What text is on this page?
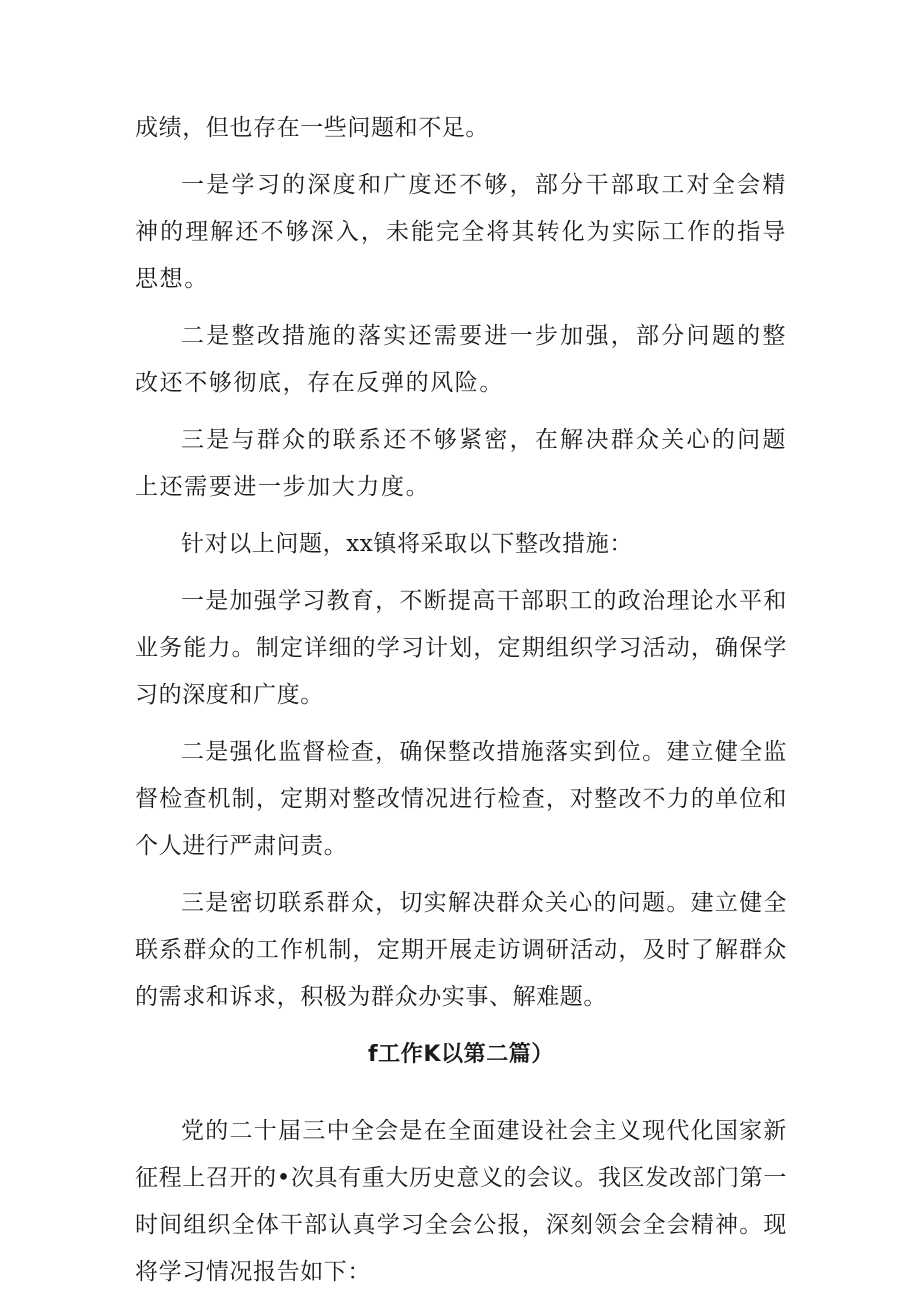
成绩，但也存在一些问题和不足。

一是学习的深度和广度还不够，部分干部取工对全会精神的理解还不够深入，未能完全将其转化为实际工作的指导思想。

二是整改措施的落实还需要进一步加强，部分问题的整改还不够彻底，存在反弹的风险。

三是与群众的联系还不够紧密，在解决群众关心的问题上还需要进一步加大力度。

针对以上问题，xx镇将采取以下整改措施：

一是加强学习教育，不断提高干部职工的政治理论水平和业务能力。制定详细的学习计划，定期组织学习活动，确保学习的深度和广度。

二是强化监督检查，确保整改措施落实到位。建立健全监督检查机制，定期对整改情况进行检查，对整改不力的单位和个人进行严肃问责。

三是密切联系群众，切实解决群众关心的问题。建立健全联系群众的工作机制，定期开展走访调研活动，及时了解群众的需求和诉求，积极为群众办实事、解难题。

f工作K以第二篇）

党的二十届三中全会是在全面建设社会主义现代化国家新征程上召开的•次具有重大历史意义的会议。我区发改部门第一时间组织全体干部认真学习全会公报，深刻领会全会精神。现将学习情况报告如下：
